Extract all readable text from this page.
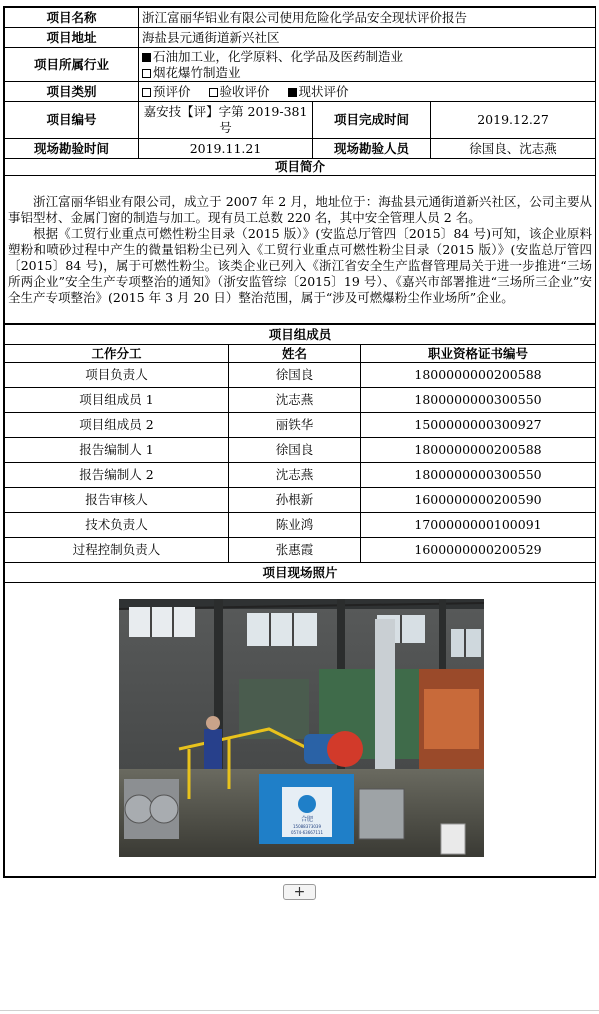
项目名称	浙江富丽华铝业有限公司使用危险化学品安全现状评价报告		
项目地址	海盐县元通街道新兴社区		
项目所属行业	石油加工业，化学原料、化学品及医药制造业
烟花爆竹制造业		

项目类别	预评价 验收评价 现状评价		
项目编号	嘉安技【评】字第 2019-381 号	项目完成时间	2019.12.27
现场勘验时间	2019.11.21	现场勘验人员	徐国良、沈志燕
项目简介			

浙江富丽华铝业有限公司，成立于 2007 年 2 月，地址位于：海盐县元通街道新兴社区，公司主要从事铝型材、金属门窗的制造与加工。现有员工总数 220 名，其中安全管理人员 2 名。

根据《工贸行业重点可燃性粉尘目录（2015 版）》(安监总厅管四〔2015〕84 号)可知，该企业原料塑粉和喷砂过程中产生的微量铝粉尘已列入《工贸行业重点可燃性粉尘目录（2015 版）》(安监总厅管四〔2015〕84 号)，属于可燃性粉尘。该类企业已列入《浙江省安全生产监督管理局关于进一步推进“三场所两企业”安全生产专项整治的通知》（浙安监管综〔2015〕19 号）、《嘉兴市部署推进“三场所三企业”安全生产专项整治》(2015 年 3 月 20 日）整治范围，属于“涉及可燃爆粉尘作业场所”企业。			

项目组成员		
工作分工	姓名	职业资格证书编号
项目负责人	徐国良	1800000000200588
项目组成员 1	沈志燕	1800000000300550
项目组成员 2	丽铁华	1500000000300927
报告编制人 1	徐国良	1800000000200588
报告编制人 2	沈志燕	1800000000300550
报告审核人	孙根新	1600000000200590
技术负责人	陈业鸿	1700000000100091
过程控制负责人	张惠霞	1600000000200529
项目现场照片		

合肥
15088373039
0574-63667111		
+
